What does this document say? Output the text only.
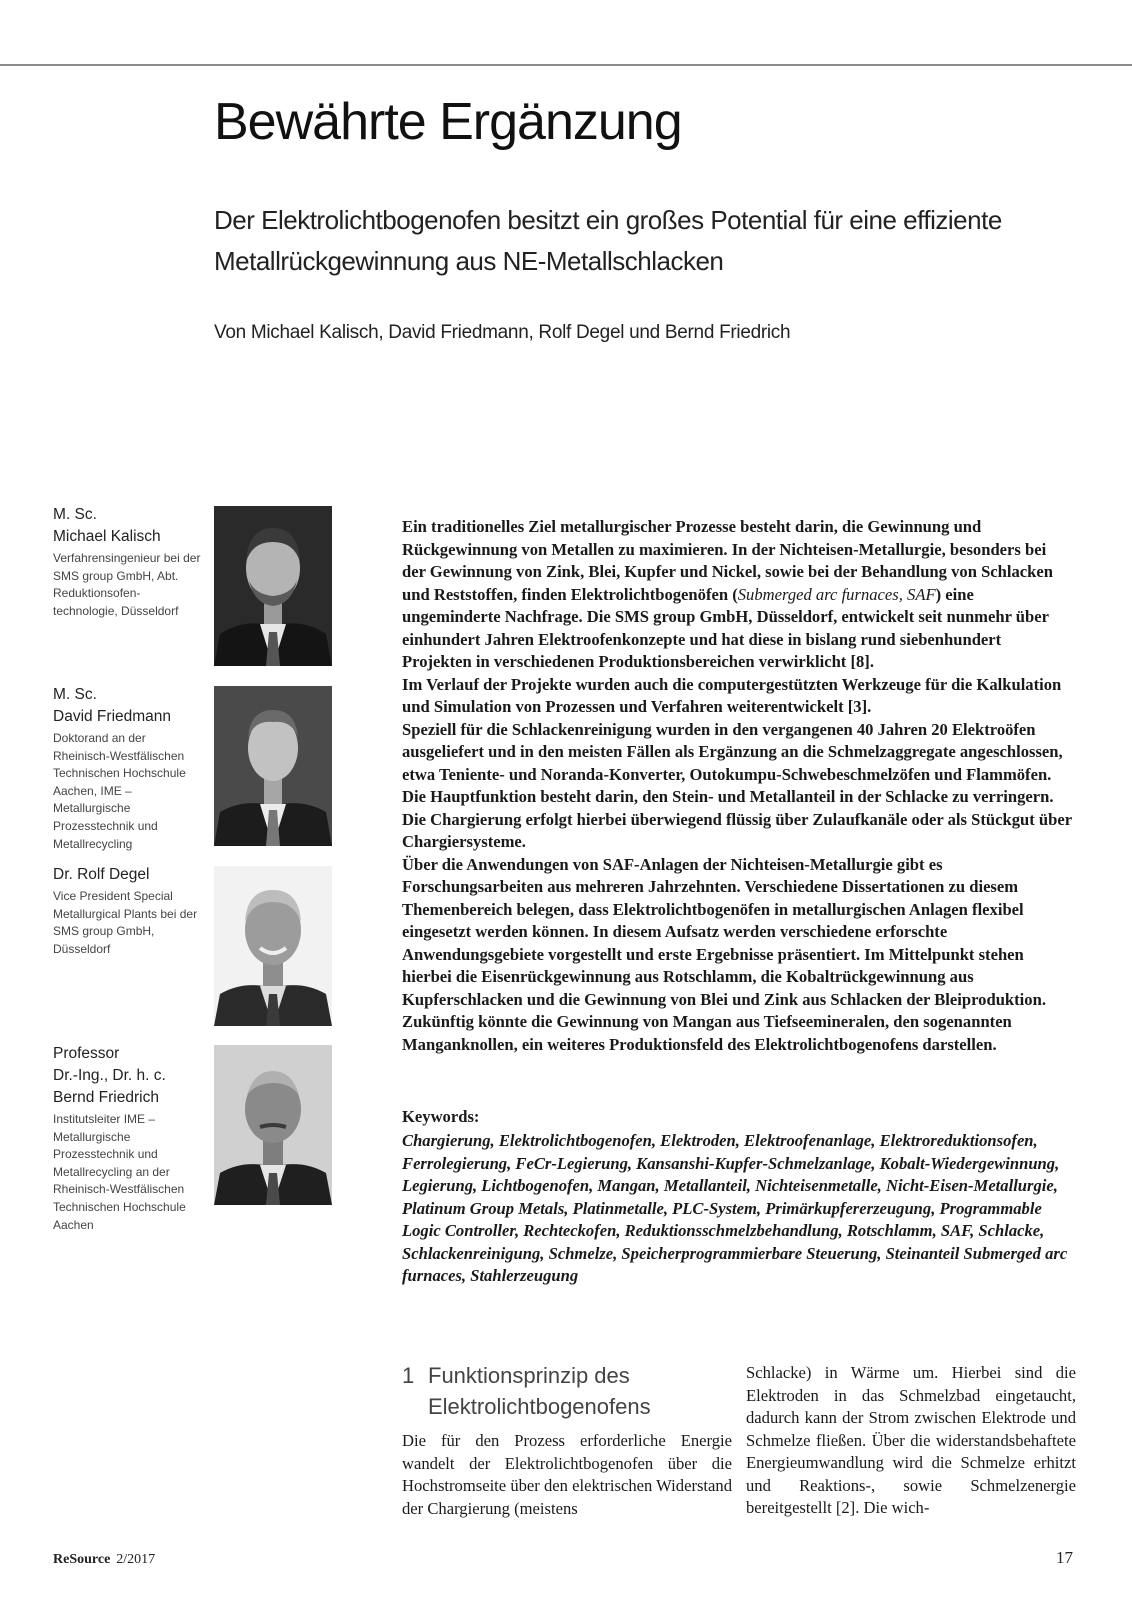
Bewährte Ergänzung
Der Elektrolichtbogenofen besitzt ein großes Potential für eine effiziente Metallrückgewinnung aus NE-Metallschlacken

Von Michael Kalisch, David Friedmann, Rolf Degel und Bernd Friedrich

M. Sc.

Michael Kalisch

Verfahrensingenieur bei der SMS group GmbH, Abt. Reduktionsofen-technologie, Düsseldorf

M. Sc.

David Friedmann

Doktorand an der Rheinisch-Westfälischen Technischen Hochschule Aachen, IME – Metallurgische Prozesstechnik und Metallrecycling

Dr. Rolf Degel

Vice President Special Metallurgical Plants bei der SMS group GmbH, Düsseldorf

Professor

Dr.-Ing., Dr. h. c.

Bernd Friedrich

Institutsleiter IME – Metallurgische Prozesstechnik und Metallrecycling an der Rheinisch-Westfälischen Technischen Hochschule Aachen

Ein traditionelles Ziel metallurgischer Prozesse besteht darin, die Gewinnung und Rückgewinnung von Metallen zu maximieren. In der Nichteisen-Metallurgie, besonders bei der Gewinnung von Zink, Blei, Kupfer und Nickel, sowie bei der Behandlung von Schlacken und Reststoffen, finden Elektrolichtbogenöfen (Submerged arc furnaces, SAF) eine ungeminderte Nachfrage. Die SMS group GmbH, Düsseldorf, entwickelt seit nunmehr über einhundert Jahren Elektroofenkonzepte und hat diese in bislang rund siebenhundert Projekten in verschiedenen Produktionsbereichen verwirklicht [8].

Im Verlauf der Projekte wurden auch die computergestützten Werkzeuge für die Kalkulation und Simulation von Prozessen und Verfahren weiterentwickelt [3].

Speziell für die Schlackenreinigung wurden in den vergangenen 40 Jahren 20 Elektroöfen ausgeliefert und in den meisten Fällen als Ergänzung an die Schmelzaggregate angeschlossen, etwa Teniente- und Noranda-Konverter, Outokumpu-Schwebeschmelzöfen und Flammöfen. Die Hauptfunktion besteht darin, den Stein- und Metallanteil in der Schlacke zu verringern. Die Chargierung erfolgt hierbei überwiegend flüssig über Zulaufkanäle oder als Stückgut über Chargiersysteme.

Über die Anwendungen von SAF-Anlagen der Nichteisen-Metallurgie gibt es Forschungsarbeiten aus mehreren Jahrzehnten. Verschiedene Dissertationen zu diesem Themenbereich belegen, dass Elektrolichtbogenöfen in metallurgischen Anlagen flexibel eingesetzt werden können. In diesem Aufsatz werden verschiedene erforschte Anwendungsgebiete vorgestellt und erste Ergebnisse präsentiert. Im Mittelpunkt stehen hierbei die Eisenrückgewinnung aus Rotschlamm, die Kobaltrückgewinnung aus Kupferschlacken und die Gewinnung von Blei und Zink aus Schlacken der Bleiproduktion. Zukünftig könnte die Gewinnung von Mangan aus Tiefseemineralen, den sogenannten Manganknollen, ein weiteres Produktionsfeld des Elektrolichtbogenofens darstellen.

Keywords:

Chargierung, Elektrolichtbogenofen, Elektroden, Elektroofenanlage, Elektroreduktionsofen, Ferrolegierung, FeCr-Legierung, Kansanshi-Kupfer-Schmelzanlage, Kobalt-Wiedergewinnung, Legierung, Lichtbogenofen, Mangan, Metallanteil, Nichteisenmetalle, Nicht-Eisen-Metallurgie, Platinum Group Metals, Platinmetalle, PLC-System, Primärkupfererzeugung, Programmable Logic Controller, Rechteckofen, Reduktionsschmelzbehandlung, Rotschlamm, SAF, Schlacke, Schlackenreinigung, Schmelze, Speicherprogrammierbare Steuerung, Steinanteil Submerged arc furnaces, Stahlerzeugung

1 Funktionsprinzip des Elektrolichtbogenofens

Die für den Prozess erforderliche Energie wandelt der Elektrolichtbogenofen über die Hochstromseite über den elektrischen Widerstand der Chargierung (meistens

Schlacke) in Wärme um. Hierbei sind die Elektroden in das Schmelzbad eingetaucht, dadurch kann der Strom zwischen Elektrode und Schmelze fließen. Über die widerstandsbehaftete Energieumwandlung wird die Schmelze erhitzt und Reaktions-, sowie Schmelzenergie bereitgestellt [2]. Die wich-

ReSource 2/2017	17
